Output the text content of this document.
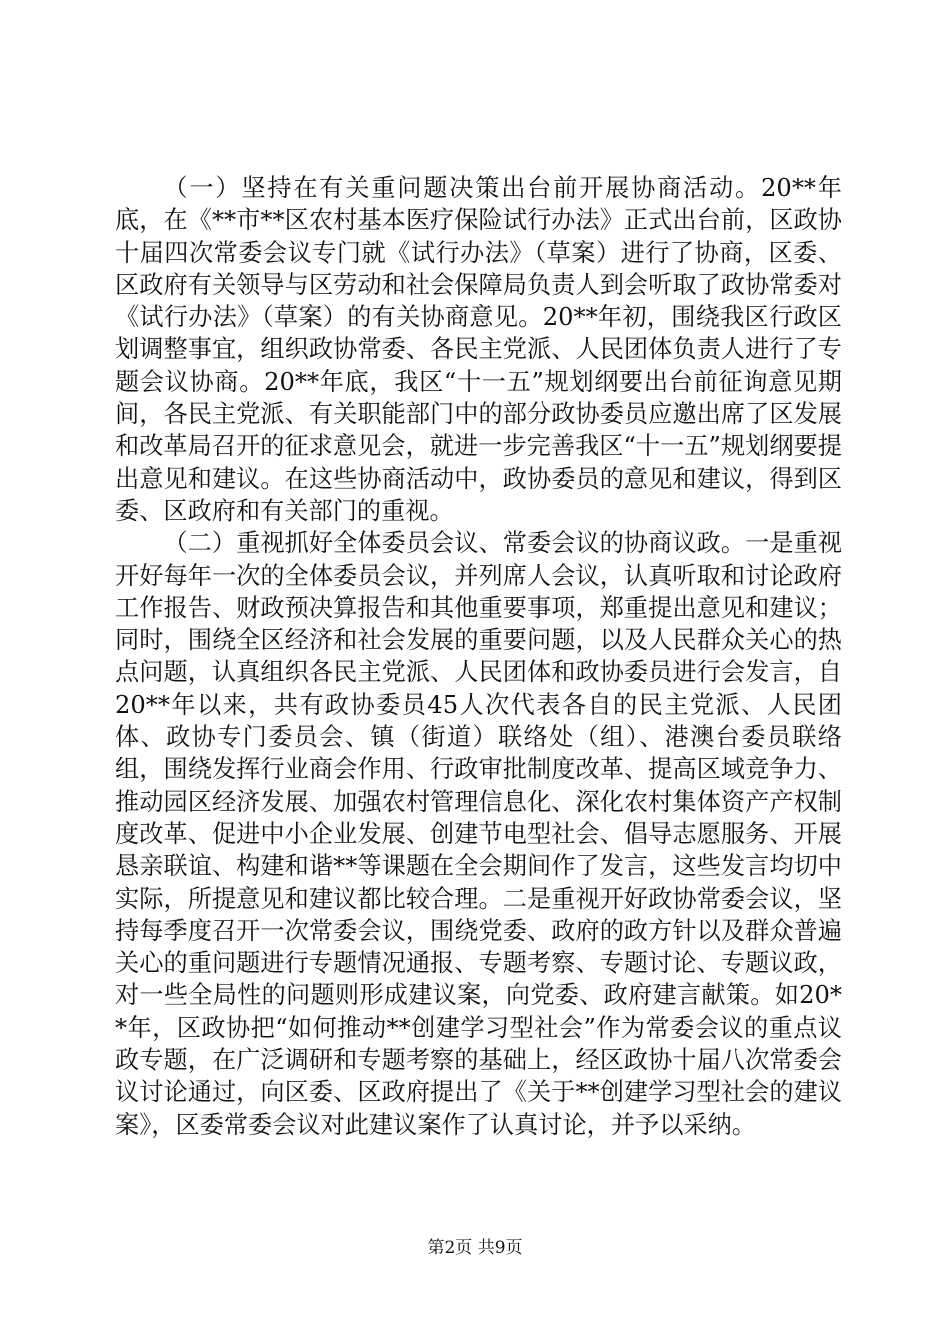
（一）坚持在有关重问题决策出台前开展协商活动。20**年底，在《**市**区农村基本医疗保险试行办法》正式出台前，区政协十届四次常委会议专门就《试行办法》（草案）进行了协商，区委、区政府有关领导与区劳动和社会保障局负责人到会听取了政协常委对《试行办法》（草案）的有关协商意见。20**年初，围绕我区行政区划调整事宜，组织政协常委、各民主党派、人民团体负责人进行了专题会议协商。20**年底，我区“十一五”规划纲要出台前征询意见期间，各民主党派、有关职能部门中的部分政协委员应邀出席了区发展和改革局召开的征求意见会，就进一步完善我区“十一五”规划纲要提出意见和建议。在这些协商活动中，政协委员的意见和建议，得到区委、区政府和有关部门的重视。

（二）重视抓好全体委员会议、常委会议的协商议政。一是重视开好每年一次的全体委员会议，并列席人会议，认真听取和讨论政府工作报告、财政预决算报告和其他重要事项，郑重提出意见和建议；同时，围绕全区经济和社会发展的重要问题，以及人民群众关心的热点问题，认真组织各民主党派、人民团体和政协委员进行会发言，自20**年以来，共有政协委员45人次代表各自的民主党派、人民团体、政协专门委员会、镇（街道）联络处（组）、港澳台委员联络组，围绕发挥行业商会作用、行政审批制度改革、提高区域竞争力、推动园区经济发展、加强农村管理信息化、深化农村集体资产产权制度改革、促进中小企业发展、创建节电型社会、倡导志愿服务、开展恳亲联谊、构建和谐**等课题在全会期间作了发言，这些发言均切中实际，所提意见和建议都比较合理。二是重视开好政协常委会议，坚持每季度召开一次常委会议，围绕党委、政府的政方针以及群众普遍关心的重问题进行专题情况通报、专题考察、专题讨论、专题议政，对一些全局性的问题则形成建议案，向党委、政府建言献策。如20**年，区政协把“如何推动**创建学习型社会”作为常委会议的重点议政专题，在广泛调研和专题考察的基础上，经区政协十届八次常委会议讨论通过，向区委、区政府提出了《关于**创建学习型社会的建议案》，区委常委会议对此建议案作了认真讨论，并予以采纳。

第2页 共9页
